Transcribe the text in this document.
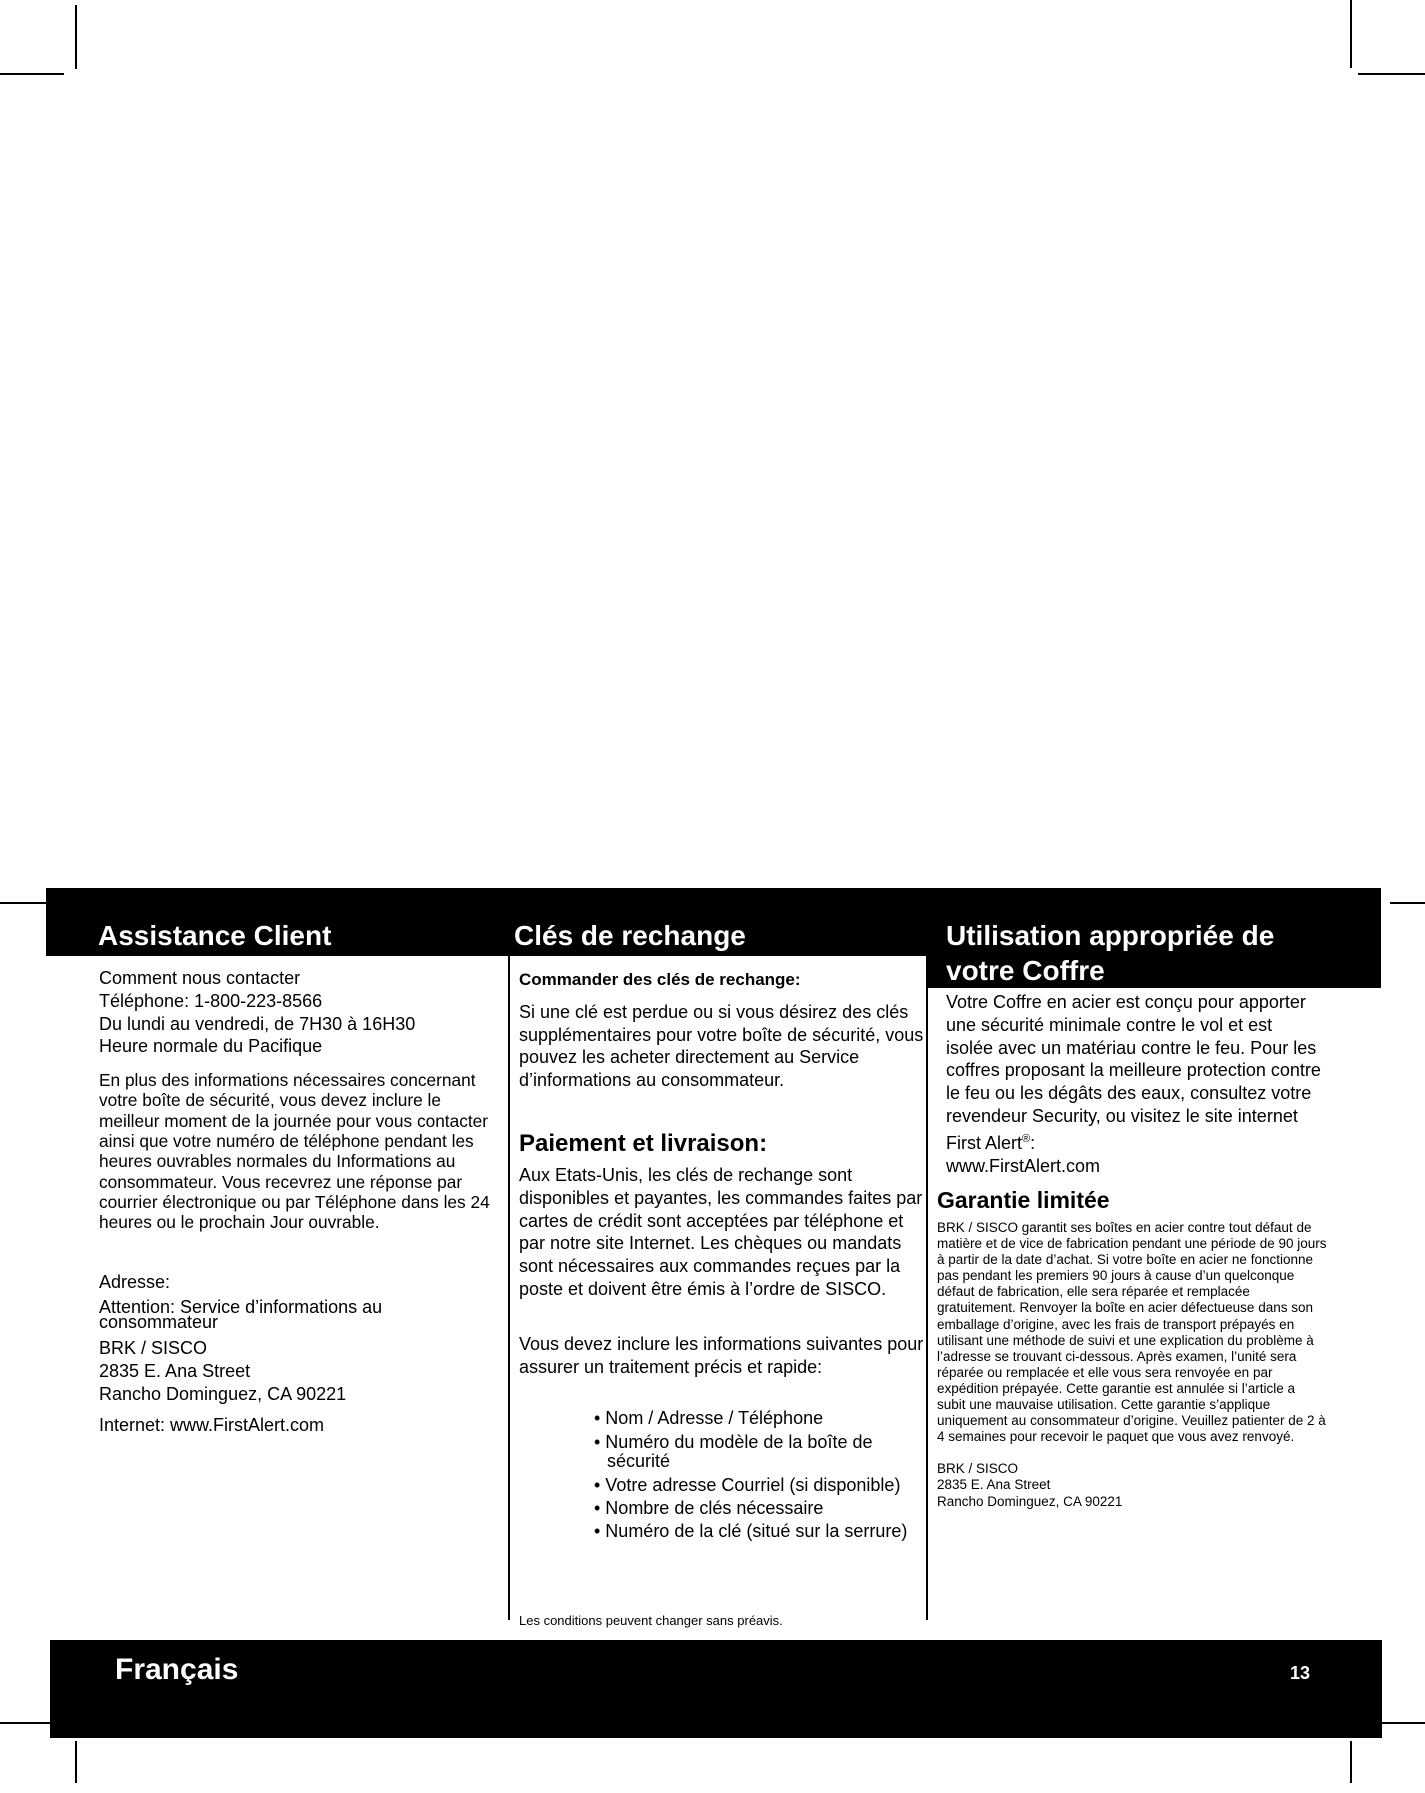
Assistance Client	Clés de rechange	Utilisation appropriée de
votre Coffre

Comment nous contacter

Téléphone: 1-800-223-8566

Du lundi au vendredi, de 7H30 à 16H30

Heure normale du Pacifique

En plus des informations nécessaires concernant votre boîte de sécurité, vous devez inclure le meilleur moment de la journée pour vous contacter ainsi que votre numéro de téléphone pendant les heures ouvrables normales du Informations au consommateur. Vous recevrez une réponse par courrier électronique ou par Téléphone dans les 24 heures ou le prochain Jour ouvrable.

Adresse:

Attention: Service d’informations au consommateur

BRK / SISCO

2835 E. Ana Street

Rancho Dominguez, CA 90221

Internet: www.FirstAlert.com

Commander des clés de rechange:

Si une clé est perdue ou si vous désirez des clés supplémentaires pour votre boîte de sécurité, vous pouvez les acheter directement au Service d’informations au consommateur.

Paiement et livraison:

Aux Etats-Unis, les clés de rechange sont disponibles et payantes, les commandes faites par cartes de crédit sont acceptées par téléphone et par notre site Internet. Les chèques ou mandats sont nécessaires aux commandes reçues par la poste et doivent être émis à l’ordre de SISCO.

Vous devez inclure les informations suivantes pour assurer un traitement précis et rapide:

• Nom / Adresse / Téléphone
• Numéro du modèle de la boîte de sécurité
• Votre adresse Courriel (si disponible)
• Nombre de clés nécessaire
• Numéro de la clé (situé sur la serrure)

Les conditions peuvent changer sans préavis.

Votre Coffre en acier est conçu pour apporter une sécurité minimale contre le vol et est isolée avec un matériau contre le feu. Pour les coffres proposant la meilleure protection contre le feu ou les dégâts des eaux, consultez votre revendeur Security, ou visitez le site internet First Alert®:

www.FirstAlert.com

Garantie limitée

BRK / SISCO garantit ses boîtes en acier contre tout défaut de matière et de vice de fabrication pendant une période de 90 jours à partir de la date d’achat. Si votre boîte en acier ne fonctionne pas pendant les premiers 90 jours à cause d’un quelconque défaut de fabrication, elle sera réparée et remplacée gratuitement. Renvoyer la boîte en acier défectueuse dans son emballage d’origine, avec les frais de transport prépayés en utilisant une méthode de suivi et une explication du problème à l’adresse se trouvant ci-dessous. Après examen, l’unité sera réparée ou remplacée et elle vous sera renvoyée en par expédition prépayée. Cette garantie est annulée si l’article a subit une mauvaise utilisation. Cette garantie s’applique uniquement au consommateur d’origine. Veuillez patienter de 2 à 4 semaines pour recevoir le paquet que vous avez renvoyé.

BRK / SISCO

2835 E. Ana Street

Rancho Dominguez, CA 90221

Français	13
